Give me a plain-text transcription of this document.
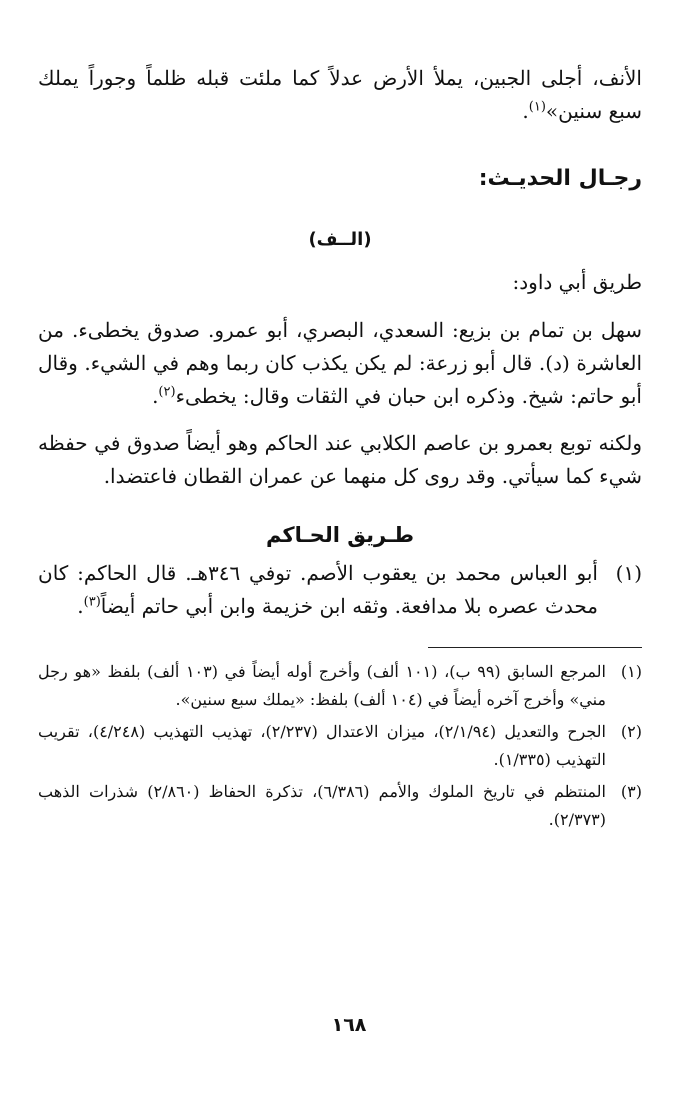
الأنف، أجلى الجبين، يملأ الأرض عدلاً كما ملئت قبله ظلماً وجوراً يملك سبع سنين»$^{(١)}$.

رجـال الحديـث:
(الــف)

طريق أبي داود:

سهل بن تمام بن بزيع: السعدي، البصري، أبو عمرو. صدوق يخطىء. من العاشرة (د). قال أبو زرعة: لم يكن يكذب كان ربما وهم في الشيء. وقال أبو حاتم: شيخ. وذكره ابن حبان في الثقات وقال: يخطىء$^{(٢)}$.

ولكنه توبع بعمرو بن عاصم الكلابي عند الحاكم وهو أيضاً صدوق في حفظه شيء كما سيأتي. وقد روى كل منهما عن عمران القطان فاعتضدا.

طـريق الحـاكم
(١)
أبو العباس محمد بن يعقوب الأصم. توفي ٣٤٦هـ. قال الحاكم: كان محدث عصره بلا مدافعة. وثقه ابن خزيمة وابن أبي حاتم أيضاً$^{(٣)}$.
(١)
المرجع السابق (٩٩ ب)، (١٠١ ألف) وأخرج أوله أيضاً في (١٠٣ ألف) بلفظ «هو رجل مني» وأخرج آخره أيضاً في (١٠٤ ألف) بلفظ: «يملك سبع سنين».
(٢)
الجرح والتعديل (٢/١/٩٤)، ميزان الاعتدال (٢/٢٣٧)، تهذيب التهذيب (٤/٢٤٨)، تقريب التهذيب (١/٣٣٥).
(٣)
المنتظم في تاريخ الملوك والأمم (٦/٣٨٦)، تذكرة الحفاظ (٢/٨٦٠) شذرات الذهب (٢/٣٧٣).
١٦٨
